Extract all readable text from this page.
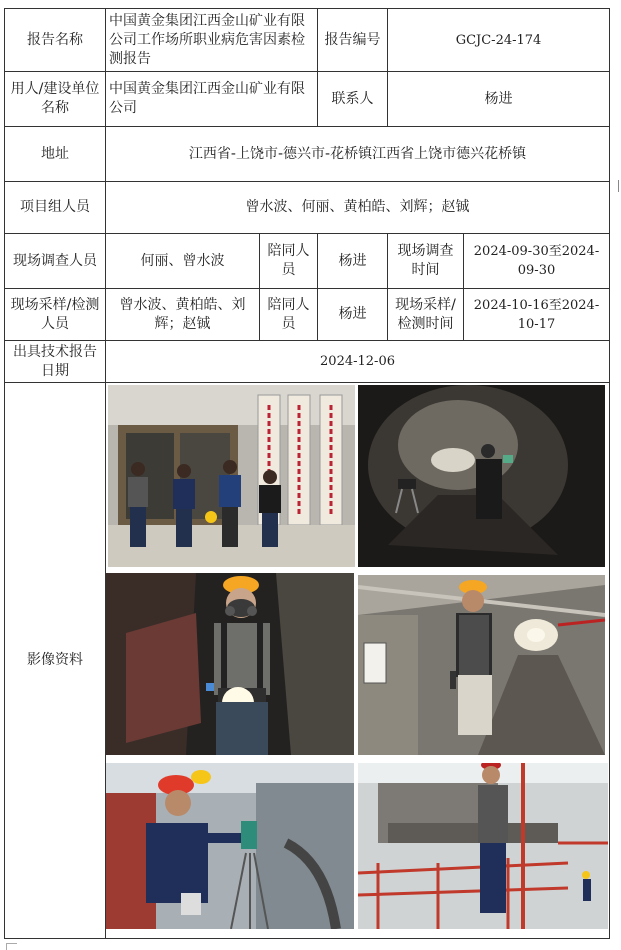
报告名称	中国黄金集团江西金山矿业有限公司工作场所职业病危害因素检测报告		报告编号	GCJC-24-174	
用人/建设单位名称	中国黄金集团江西金山矿业有限公司		联系人	杨进	
地址	江西省-上饶市-德兴市-花桥镇江西省上饶市德兴花桥镇				
项目组人员	曾水波、何丽、黄柏皓、刘辉；赵铖				
现场调查人员	何丽、曾水波	陪同人员	杨进	现场调查时间	2024-09-30至2024-09-30
现场采样/检测人员	曾水波、黄柏皓、刘辉；赵铖	陪同人员	杨进	现场采样/检测时间	2024-10-16至2024-10-17
出具技术报告日期	2024-12-06				
影像资料	
